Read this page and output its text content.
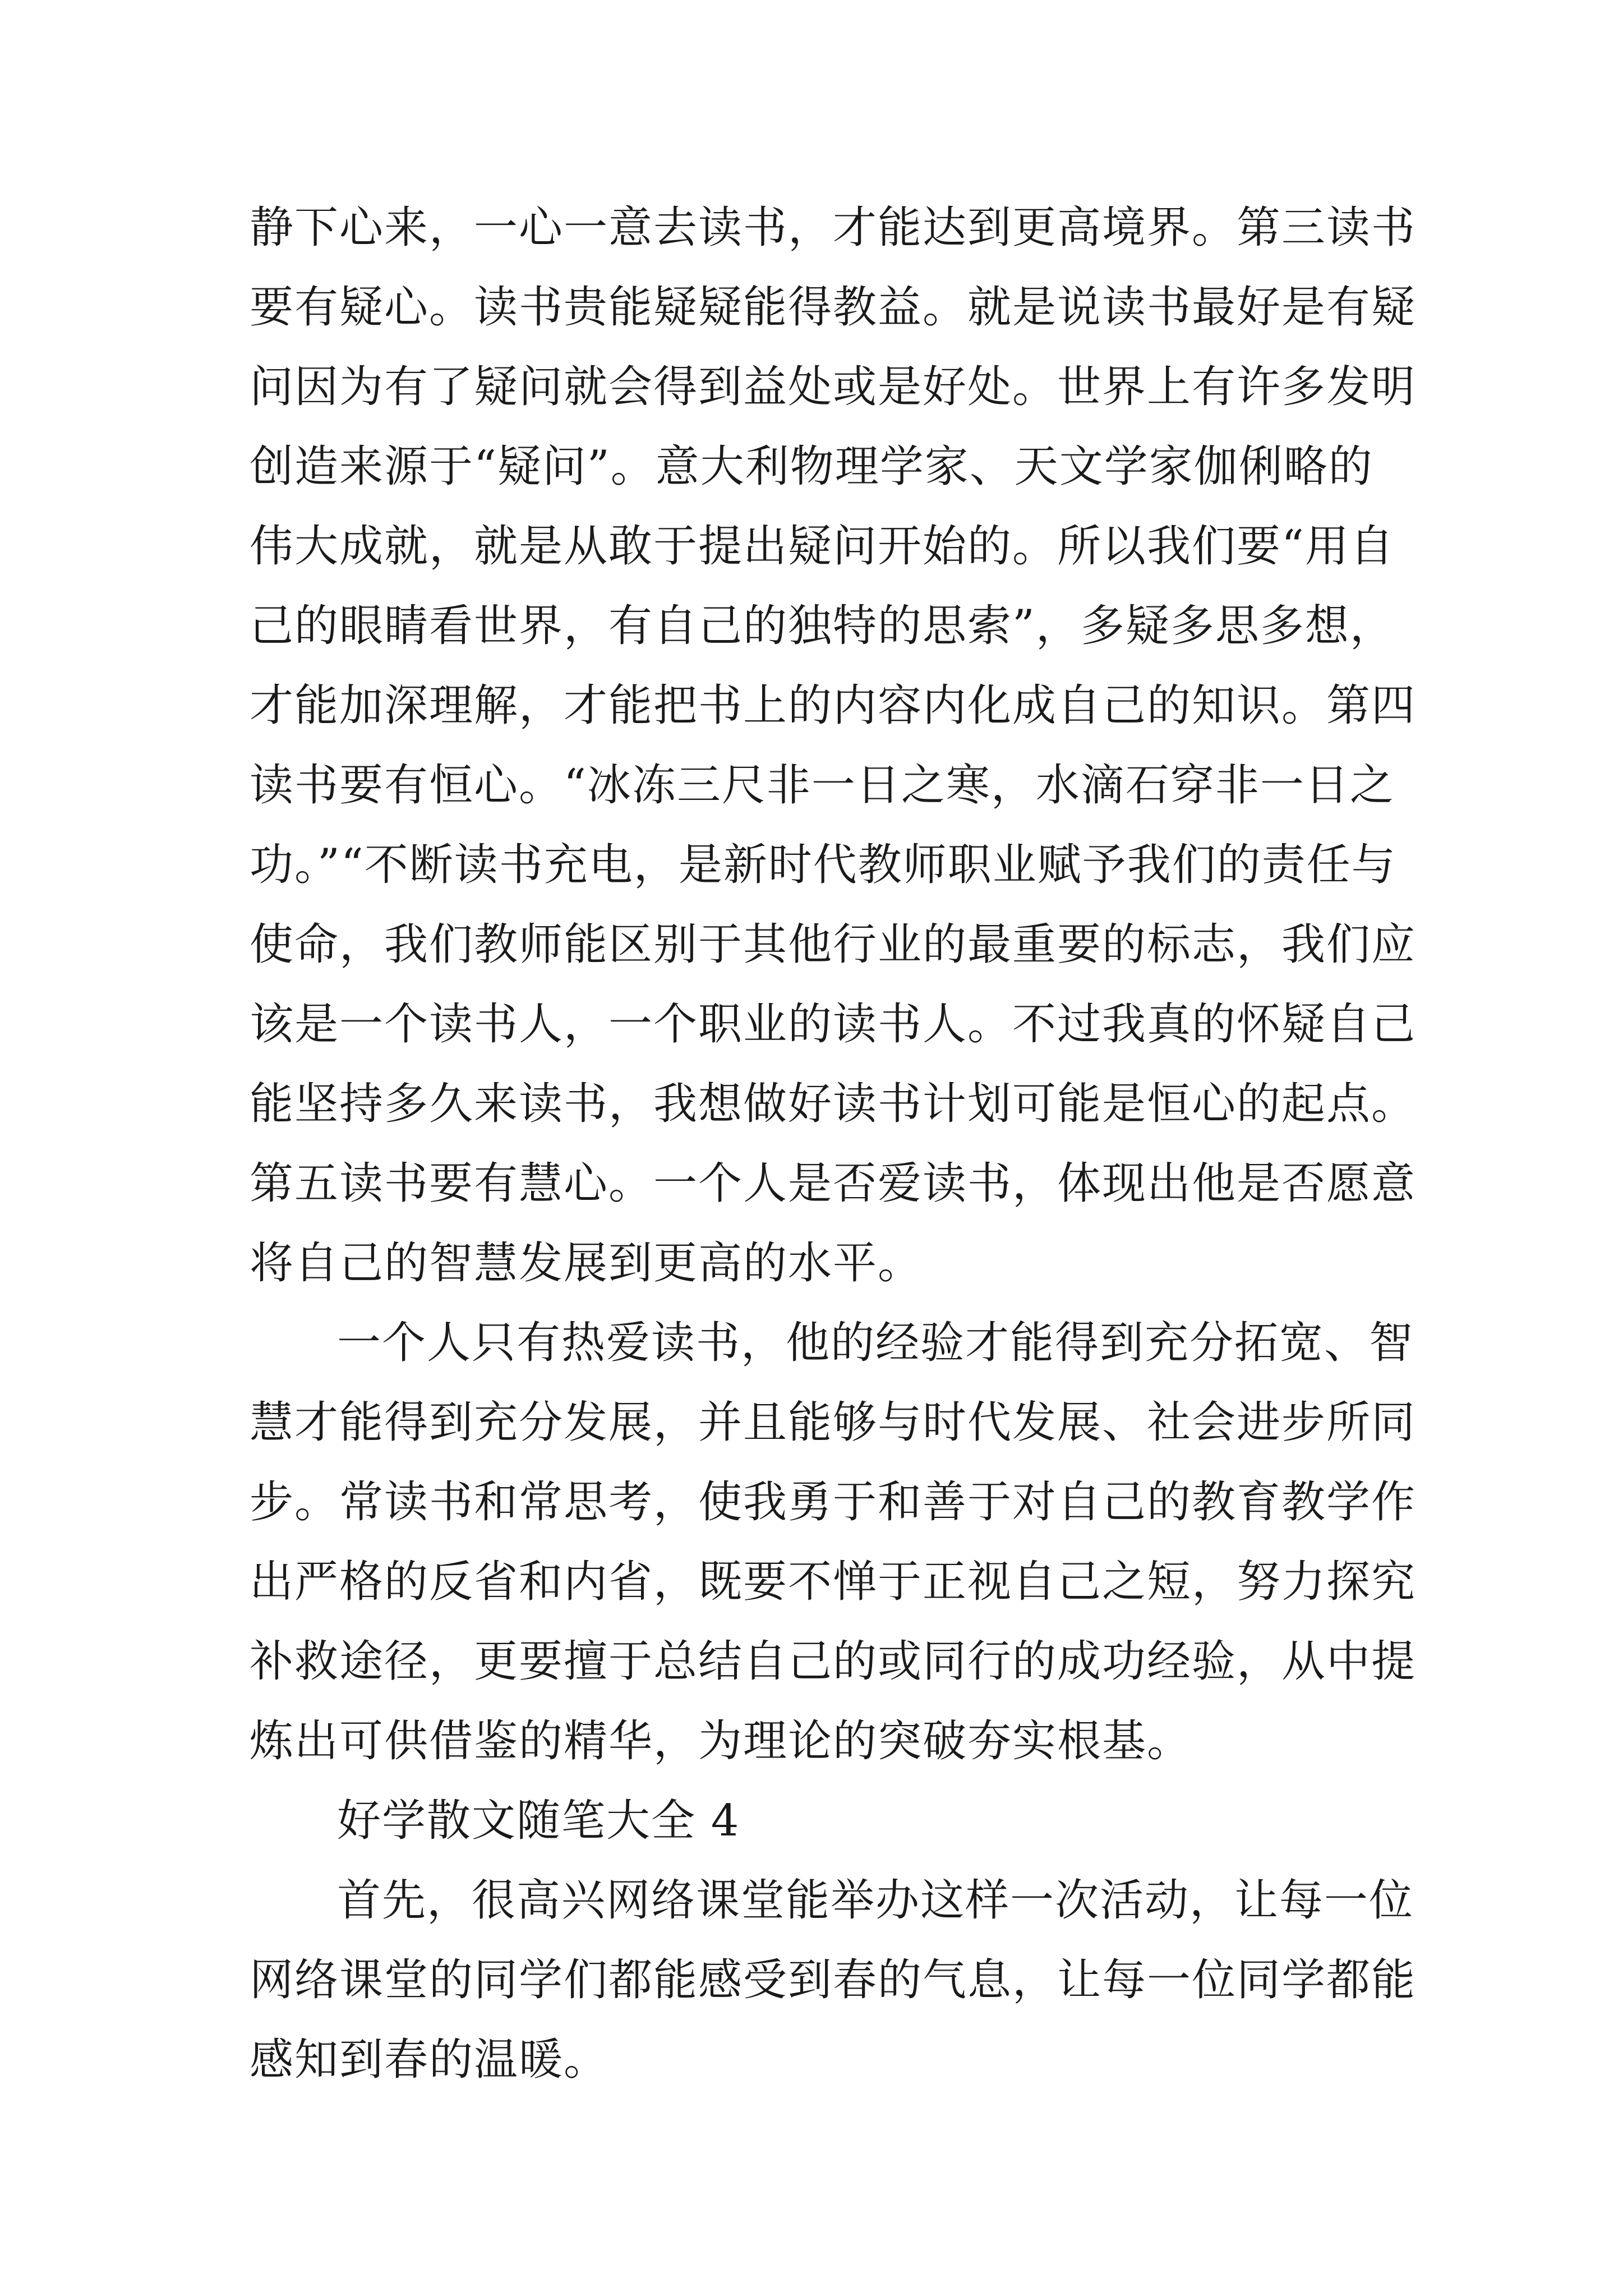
静下心来，一心一意去读书，才能达到更高境界。第三读书
要有疑心。读书贵能疑疑能得教益。就是说读书最好是有疑
问因为有了疑问就会得到益处或是好处。世界上有许多发明
创造来源于“疑问”。意大利物理学家、天文学家伽俐略的
伟大成就，就是从敢于提出疑问开始的。所以我们要“用自
己的眼睛看世界，有自己的独特的思索”，多疑多思多想，
才能加深理解，才能把书上的内容内化成自己的知识。第四
读书要有恒心。“冰冻三尺非一日之寒，水滴石穿非一日之
功。”“不断读书充电，是新时代教师职业赋予我们的责任与
使命，我们教师能区别于其他行业的最重要的标志，我们应
该是一个读书人，一个职业的读书人。不过我真的怀疑自己
能坚持多久来读书，我想做好读书计划可能是恒心的起点。
第五读书要有慧心。一个人是否爱读书，体现出他是否愿意
将自己的智慧发展到更高的水平。
一个人只有热爱读书，他的经验才能得到充分拓宽、智
慧才能得到充分发展，并且能够与时代发展、社会进步所同
步。常读书和常思考，使我勇于和善于对自己的教育教学作
出严格的反省和内省，既要不惮于正视自己之短，努力探究
补救途径，更要擅于总结自己的或同行的成功经验，从中提
炼出可供借鉴的精华，为理论的突破夯实根基。
好学散文随笔大全 4
首先，很高兴网络课堂能举办这样一次活动，让每一位
网络课堂的同学们都能感受到春的气息，让每一位同学都能
感知到春的温暖。
